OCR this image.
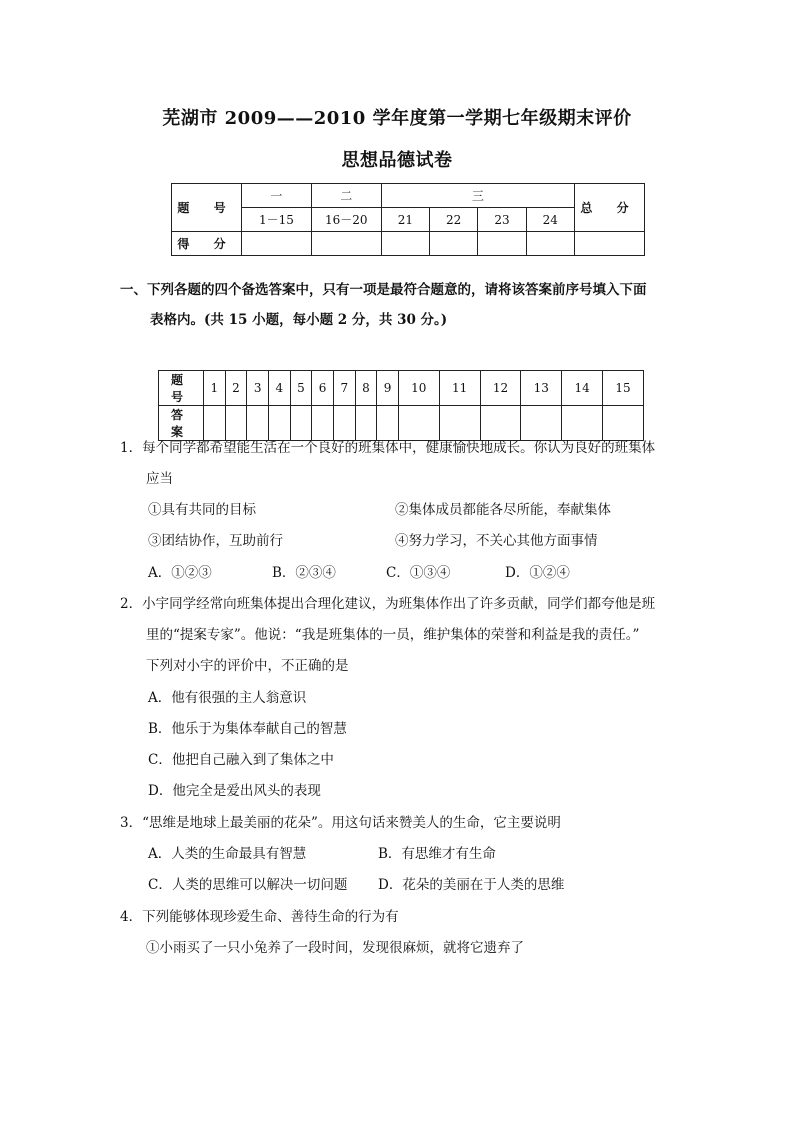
芜湖市 2009——2010 学年度第一学期七年级期末评价
思想品德试卷
题 号	一	二	三				总 分
	1－15	16－20	21	22	23	24	
得 分							
一、下列各题的四个备选答案中，只有一项是最符合题意的，请将该答案前序号填入下面
表格内。(共 15 小题，每小题 2 分，共 30 分。)
题 号	1	2	3	4	5	6	7	8	9	10	11	12	13	14	15
答 案															
1．每个同学都希望能生活在一个良好的班集体中，健康愉快地成长。你认为良好的班集体
应当
①具有共同的目标	②集体成员都能各尽所能，奉献集体
③团结协作，互助前行	④努力学习，不关心其他方面事情
A．①②③	B．②③④	C．①③④	D．①②④
2．小宇同学经常向班集体提出合理化建议，为班集体作出了许多贡献，同学们都夸他是班
里的“提案专家”。他说：“我是班集体的一员，维护集体的荣誉和利益是我的责任。”
下列对小宇的评价中，不正确的是
A．他有很强的主人翁意识
B．他乐于为集体奉献自己的智慧
C．他把自己融入到了集体之中
D．他完全是爱出风头的表现
3．“思维是地球上最美丽的花朵”。用这句话来赞美人的生命，它主要说明
A．人类的生命最具有智慧	B．有思维才有生命
C．人类的思维可以解决一切问题 D．花朵的美丽在于人类的思维
4．下列能够体现珍爱生命、善待生命的行为有
①小雨买了一只小兔养了一段时间，发现很麻烦，就将它遗弃了
